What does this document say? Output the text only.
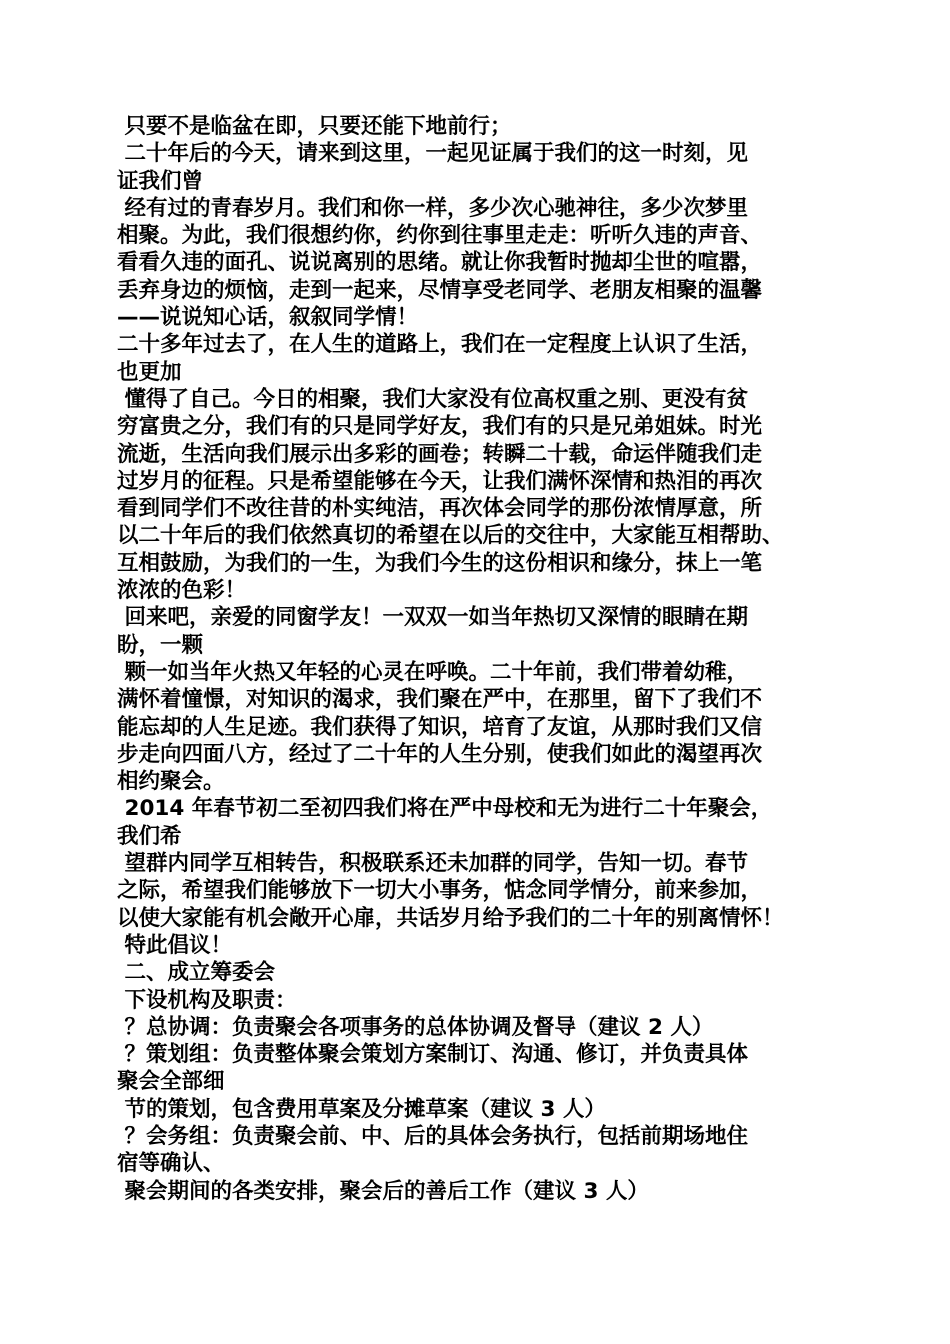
只要不是临盆在即，只要还能下地前行；
二十年后的今天，请来到这里，一起见证属于我们的这一时刻，见
证我们曾
经有过的青春岁月。我们和你一样，多少次心驰神往，多少次梦里
相聚。为此，我们很想约你，约你到往事里走走：听听久违的声音、
看看久违的面孔、说说离别的思绪。就让你我暂时抛却尘世的喧嚣，
丢弃身边的烦恼，走到一起来，尽情享受老同学、老朋友相聚的温馨
——说说知心话，叙叙同学情！
二十多年过去了，在人生的道路上，我们在一定程度上认识了生活，
也更加
懂得了自己。今日的相聚，我们大家没有位高权重之别、更没有贫
穷富贵之分，我们有的只是同学好友，我们有的只是兄弟姐妹。时光
流逝，生活向我们展示出多彩的画卷；转瞬二十载，命运伴随我们走
过岁月的征程。只是希望能够在今天，让我们满怀深情和热泪的再次
看到同学们不改往昔的朴实纯洁，再次体会同学的那份浓情厚意，所
以二十年后的我们依然真切的希望在以后的交往中，大家能互相帮助、
互相鼓励，为我们的一生，为我们今生的这份相识和缘分，抹上一笔
浓浓的色彩！
回来吧，亲爱的同窗学友！一双双一如当年热切又深情的眼睛在期
盼，一颗
颗一如当年火热又年轻的心灵在呼唤。二十年前，我们带着幼稚，
满怀着憧憬，对知识的渴求，我们聚在严中，在那里，留下了我们不
能忘却的人生足迹。我们获得了知识，培育了友谊，从那时我们又信
步走向四面八方，经过了二十年的人生分别，使我们如此的渴望再次
相约聚会。
2014 年春节初二至初四我们将在严中母校和无为进行二十年聚会，
我们希
望群内同学互相转告，积极联系还未加群的同学，告知一切。春节
之际，希望我们能够放下一切大小事务，惦念同学情分，前来参加，
以使大家能有机会敞开心扉，共话岁月给予我们的二十年的别离情怀！
特此倡议！
二、成立筹委会
下设机构及职责：
？总协调：负责聚会各项事务的总体协调及督导（建议 2 人）
？策划组：负责整体聚会策划方案制订、沟通、修订，并负责具体
聚会全部细
节的策划，包含费用草案及分摊草案（建议 3 人）
？会务组：负责聚会前、中、后的具体会务执行，包括前期场地住
宿等确认、
聚会期间的各类安排，聚会后的善后工作（建议 3 人）
